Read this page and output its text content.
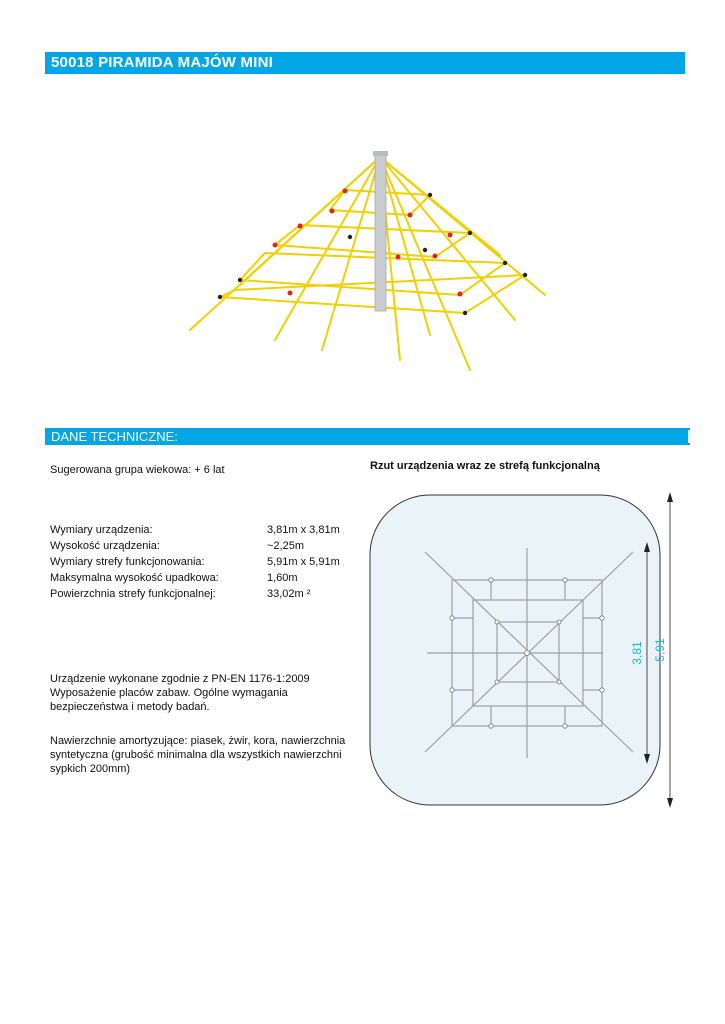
50018 PIRAMIDA MAJÓW MINI
DANE TECHNICZNE:
Sugerowana grupa wiekowa: + 6 lat
Wymiary urządzenia:	3,81m x 3,81m
Wysokość urządzenia:	~2,25m
Wymiary strefy funkcjonowania:	5,91m x 5,91m
Maksymalna wysokość upadkowa:	1,60m
Powierzchnia strefy funkcjonalnej:	33,02m ²
Urządzenie wykonane zgodnie z PN-EN 1176-1:2009 Wyposażenie placów zabaw. Ogólne wymagania bezpieczeństwa i metody badań.
Nawierzchnie amortyzujące: piasek, żwir, kora, nawierzchnia syntetyczna (grubość minimalna dla wszystkich nawierzchni sypkich 200mm)
Rzut urządzenia wraz ze strefą funkcjonalną
3,81 5,91
